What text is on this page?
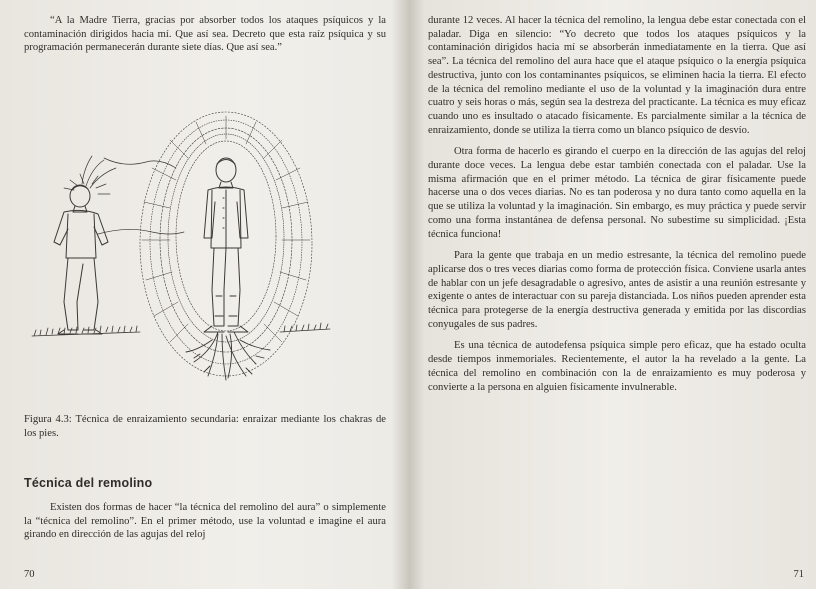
“A la Madre Tierra, gracias por absorber todos los ataques psíquicos y la contaminación dirigidos hacia mí. Que así sea. Decreto que esta raíz psíquica y su programación permanecerán durante siete días. Que así sea.”

Figura 4.3: Técnica de enraizamiento secundaria: enraizar mediante los chakras de los pies.
Técnica del remolino

Existen dos formas de hacer “la técnica del remolino del aura” o simplemente la “técnica del remolino”. En el primer método, use la voluntad e imagine el aura girando en dirección de las agujas del reloj

70

durante 12 veces. Al hacer la técnica del remolino, la lengua debe estar conectada con el paladar. Diga en silencio: “Yo decreto que todos los ataques psíquicos y la contaminación dirigidos hacia mí se absorberán inmediatamente en la tierra. Que así sea”. La técnica del remolino del aura hace que el ataque psíquico o la energía psíquica destructiva, junto con los contaminantes psíquicos, se eliminen hacia la tierra. El efecto de la técnica del remolino mediante el uso de la voluntad y la imaginación dura entre cuatro y seis horas o más, según sea la destreza del practicante. La técnica es muy eficaz cuando uno es insultado o atacado físicamente. Es parcialmente similar a la técnica de enraizamiento, donde se utiliza la tierra como un blanco psíquico de desvío.

Otra forma de hacerlo es girando el cuerpo en la dirección de las agujas del reloj durante doce veces. La lengua debe estar también conectada con el paladar. Use la misma afirmación que en el primer método. La técnica de girar físicamente puede hacerse una o dos veces diarias. No es tan poderosa y no dura tanto como aquella en la que se utiliza la voluntad y la imaginación. Sin embargo, es muy práctica y puede servir como una forma instantánea de defensa personal. No subestime su simplicidad. ¡Esta técnica funciona!

Para la gente que trabaja en un medio estresante, la técnica del remolino puede aplicarse dos o tres veces diarias como forma de protección física. Conviene usarla antes de hablar con un jefe desagradable o agresivo, antes de asistir a una reunión estresante y exigente o antes de interactuar con su pareja distanciada. Los niños pueden aprender esta técnica para protegerse de la energía destructiva generada y emitida por las discordias conyugales de sus padres.

Es una técnica de autodefensa psíquica simple pero eficaz, que ha estado oculta desde tiempos inmemoriales. Recientemente, el autor la ha revelado a la gente. La técnica del remolino en combinación con la de enraizamiento es muy poderosa y convierte a la persona en alguien físicamente invulnerable.

71
